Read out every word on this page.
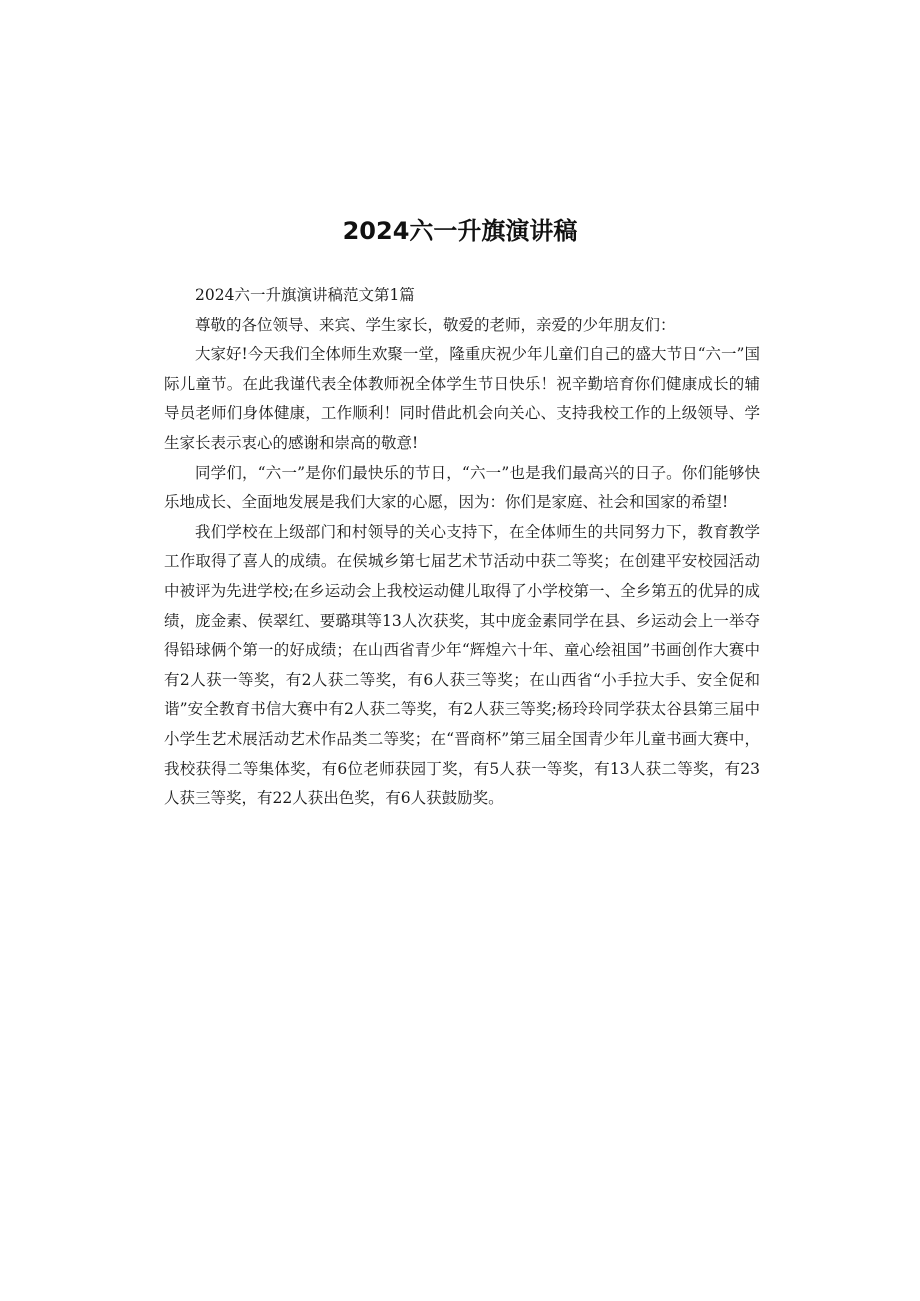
2024六一升旗演讲稿

2024六一升旗演讲稿范文第1篇

尊敬的各位领导、来宾、学生家长，敬爱的老师，亲爱的少年朋友们：

大家好!今天我们全体师生欢聚一堂，隆重庆祝少年儿童们自己的盛大节日“六一”国际儿童节。在此我谨代表全体教师祝全体学生节日快乐！祝辛勤培育你们健康成长的辅导员老师们身体健康，工作顺利！同时借此机会向关心、支持我校工作的上级领导、学生家长表示衷心的感谢和崇高的敬意!

同学们，“六一”是你们最快乐的节日，“六一”也是我们最高兴的日子。你们能够快乐地成长、全面地发展是我们大家的心愿，因为：你们是家庭、社会和国家的希望!

我们学校在上级部门和村领导的关心支持下，在全体师生的共同努力下，教育教学工作取得了喜人的成绩。在侯城乡第七届艺术节活动中获二等奖；在创建平安校园活动中被评为先进学校;在乡运动会上我校运动健儿取得了小学校第一、全乡第五的优异的成绩，庞金素、侯翠红、要璐琪等13人次获奖，其中庞金素同学在县、乡运动会上一举夺得铅球俩个第一的好成绩；在山西省青少年“辉煌六十年、童心绘祖国”书画创作大赛中有2人获一等奖，有2人获二等奖，有6人获三等奖；在山西省“小手拉大手、安全促和谐”安全教育书信大赛中有2人获二等奖，有2人获三等奖;杨玲玲同学获太谷县第三届中小学生艺术展活动艺术作品类二等奖；在“晋商杯”第三届全国青少年儿童书画大赛中，我校获得二等集体奖，有6位老师获园丁奖，有5人获一等奖，有13人获二等奖，有23人获三等奖，有22人获出色奖，有6人获鼓励奖。
